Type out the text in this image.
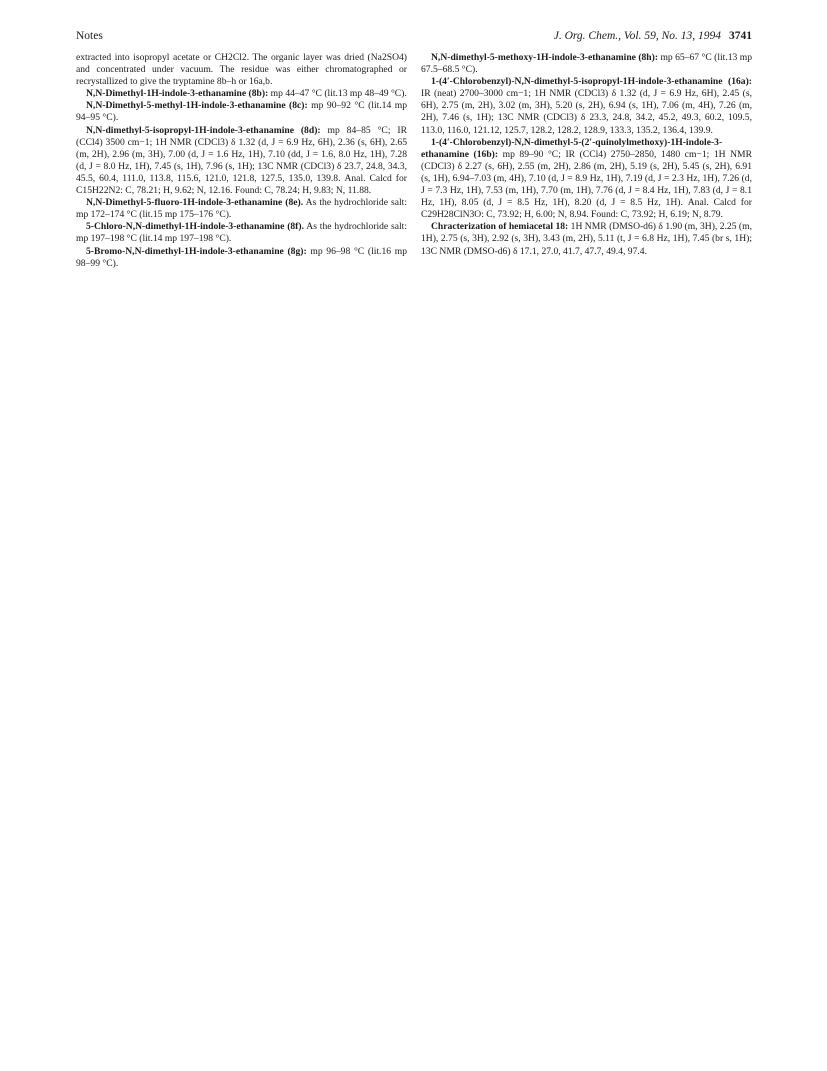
Notes	J. Org. Chem., Vol. 59, No. 13, 1994 3741

extracted into isopropyl acetate or CH2Cl2. The organic layer was dried (Na2SO4) and concentrated under vacuum. The residue was either chromatographed or recrystallized to give the tryptamine 8b–h or 16a,b.

N,N-Dimethyl-1H-indole-3-ethanamine (8b): mp 44–47 °C (lit.13 mp 48–49 °C).

N,N-Dimethyl-5-methyl-1H-indole-3-ethanamine (8c): mp 90–92 °C (lit.14 mp 94–95 °C).

N,N-dimethyl-5-isopropyl-1H-indole-3-ethanamine (8d): mp 84–85 °C; IR (CCl4) 3500 cm−1; 1H NMR (CDCl3) δ 1.32 (d, J = 6.9 Hz, 6H), 2.36 (s, 6H), 2.65 (m, 2H), 2.96 (m, 3H), 7.00 (d, J = 1.6 Hz, 1H), 7.10 (dd, J = 1.6, 8.0 Hz, 1H), 7.28 (d, J = 8.0 Hz, 1H), 7.45 (s, 1H), 7.96 (s, 1H); 13C NMR (CDCl3) δ 23.7, 24.8, 34.3, 45.5, 60.4, 111.0, 113.8, 115.6, 121.0, 121.8, 127.5, 135.0, 139.8. Anal. Calcd for C15H22N2: C, 78.21; H, 9.62; N, 12.16. Found: C, 78.24; H, 9.83; N, 11.88.

N,N-Dimethyl-5-fluoro-1H-indole-3-ethanamine (8e). As the hydrochloride salt: mp 172–174 °C (lit.15 mp 175–176 °C).

5-Chloro-N,N-dimethyl-1H-indole-3-ethanamine (8f). As the hydrochloride salt: mp 197–198 °C (lit.14 mp 197–198 °C).

5-Bromo-N,N-dimethyl-1H-indole-3-ethanamine (8g): mp 96–98 °C (lit.16 mp 98–99 °C).

N,N-dimethyl-5-methoxy-1H-indole-3-ethanamine (8h): mp 65–67 °C (lit.13 mp 67.5–68.5 °C).

1-(4′-Chlorobenzyl)-N,N-dimethyl-5-isopropyl-1H-indole-3-ethanamine (16a): IR (neat) 2700–3000 cm−1; 1H NMR (CDCl3) δ 1.32 (d, J = 6.9 Hz, 6H), 2.45 (s, 6H), 2.75 (m, 2H), 3.02 (m, 3H), 5.20 (s, 2H), 6.94 (s, 1H), 7.06 (m, 4H), 7.26 (m, 2H), 7.46 (s, 1H); 13C NMR (CDCl3) δ 23.3, 24.8, 34.2, 45.2, 49.3, 60.2, 109.5, 113.0, 116.0, 121.12, 125.7, 128.2, 128.2, 128.9, 133.3, 135.2, 136.4, 139.9.

1-(4′-Chlorobenzyl)-N,N-dimethyl-5-(2′-quinolylmethoxy)-1H-indole-3-ethanamine (16b): mp 89–90 °C; IR (CCl4) 2750–2850, 1480 cm−1; 1H NMR (CDCl3) δ 2.27 (s, 6H), 2.55 (m, 2H), 2.86 (m, 2H), 5.19 (s, 2H), 5.45 (s, 2H), 6.91 (s, 1H), 6.94–7.03 (m, 4H), 7.10 (d, J = 8.9 Hz, 1H), 7.19 (d, J = 2.3 Hz, 1H), 7.26 (d, J = 7.3 Hz, 1H), 7.53 (m, 1H), 7.70 (m, 1H), 7.76 (d, J = 8.4 Hz, 1H), 7.83 (d, J = 8.1 Hz, 1H), 8.05 (d, J = 8.5 Hz, 1H), 8.20 (d, J = 8.5 Hz, 1H). Anal. Calcd for C29H28ClN3O: C, 73.92; H, 6.00; N, 8.94. Found: C, 73.92; H, 6.19; N, 8.79.

Chracterization of hemiacetal 18: 1H NMR (DMSO-d6) δ 1.90 (m, 3H), 2.25 (m, 1H), 2.75 (s, 3H), 2.92 (s, 3H), 3.43 (m, 2H), 5.11 (t, J = 6.8 Hz, 1H), 7.45 (br s, 1H); 13C NMR (DMSO-d6) δ 17.1, 27.0, 41.7, 47.7, 49.4, 97.4.
